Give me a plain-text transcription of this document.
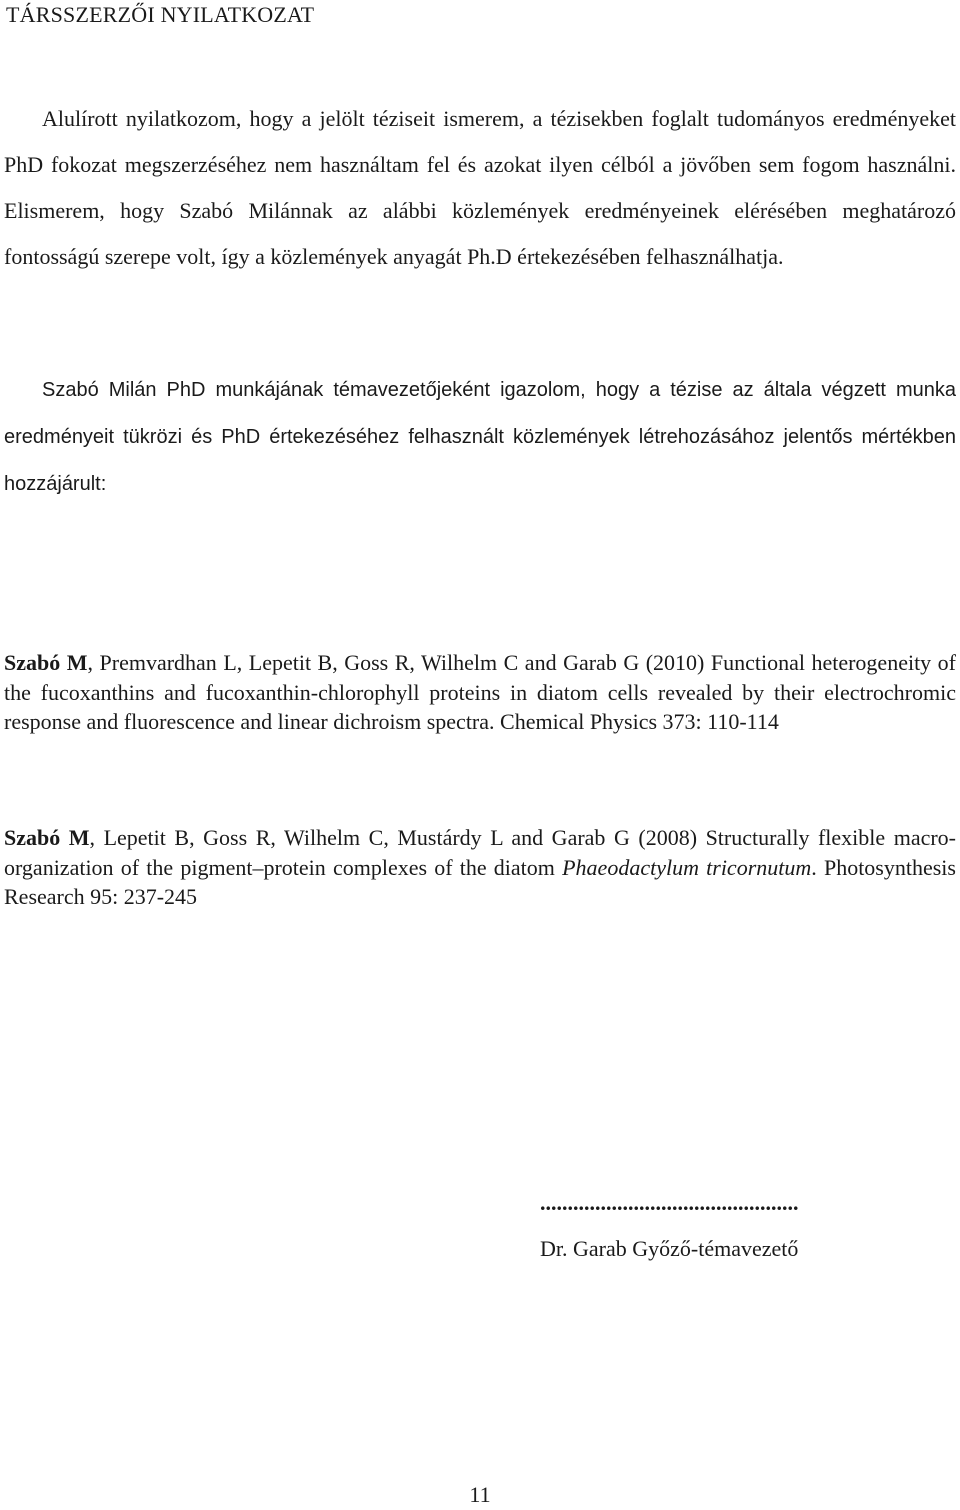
TÁRSSZERZŐI NYILATKOZAT

Alulírott nyilatkozom, hogy a jelölt téziseit ismerem, a tézisekben foglalt tudományos eredményeket PhD fokozat megszerzéséhez nem használtam fel és azokat ilyen célból a jövőben sem fogom használni. Elismerem, hogy Szabó Milánnak az alábbi közlemények eredményeinek elérésében meghatározó fontosságú szerepe volt, így a közlemények anyagát Ph.D értekezésében felhasználhatja.

Szabó Milán PhD munkájának témavezetőjeként igazolom, hogy a tézise az általa végzett munka eredményeit tükrözi és PhD értekezéséhez felhasznált közlemények létrehozásához jelentős mértékben hozzájárult:

Szabó M, Premvardhan L, Lepetit B, Goss R, Wilhelm C and Garab G (2010) Functional heterogeneity of the fucoxanthins and fucoxanthin-chlorophyll proteins in diatom cells revealed by their electrochromic response and fluorescence and linear dichroism spectra. Chemical Physics 373: 110-114

Szabó M, Lepetit B, Goss R, Wilhelm C, Mustárdy L and Garab G (2008) Structurally flexible macro-organization of the pigment–protein complexes of the diatom Phaeodactylum tricornutum. Photosynthesis Research 95: 237-245

...............................................

Dr. Garab Győző-témavezető

11
